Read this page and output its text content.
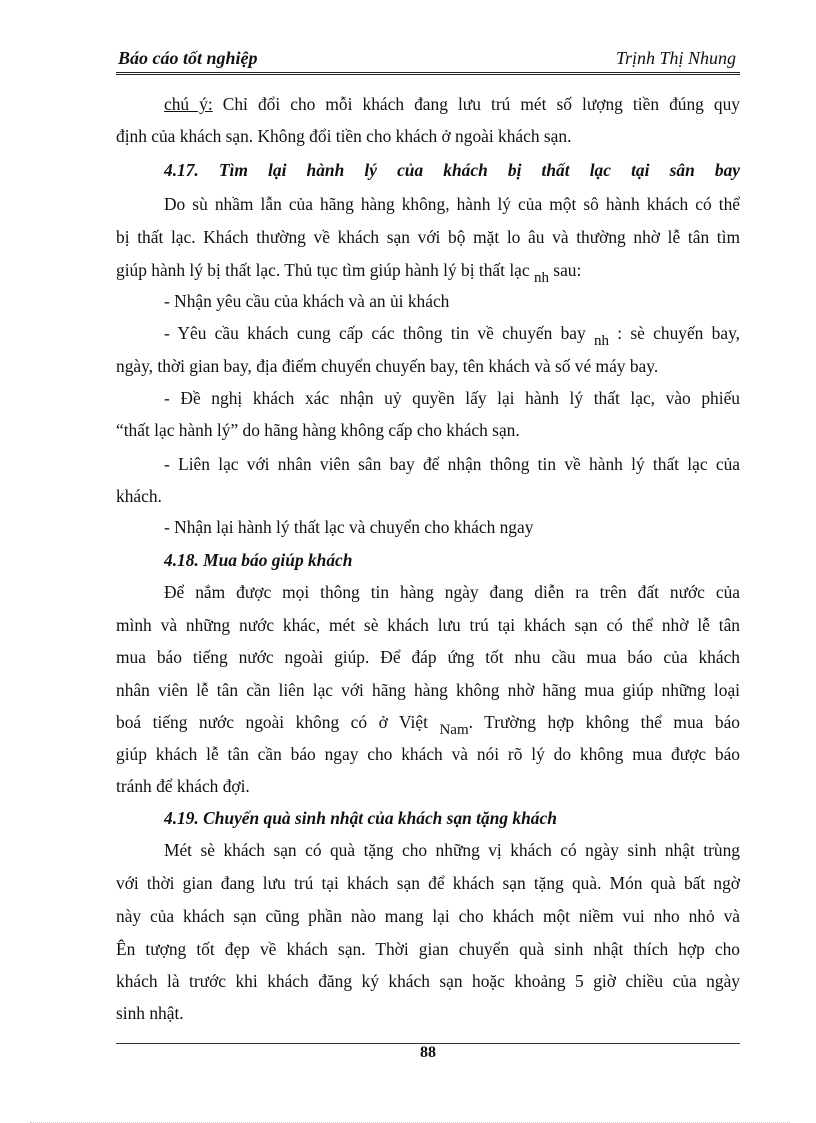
Báo cáo tốt nghiệp	Trịnh Thị Nhung
chú ý: Chỉ đổi cho mỗi khách đang lưu trú mét số lượng tiền đúng quy
định của khách sạn. Không đổi tiền cho khách ở ngoài khách sạn.
4.17. Tìm lại hành lý của khách bị thất lạc tại sân bay
Do sù nhầm lẫn của hãng hàng không, hành lý của một sô hành khách có thể
bị thất lạc. Khách thường về khách sạn với bộ mặt lo âu và thường nhờ lễ tân tìm
giúp hành lý bị thất lạc. Thủ tục tìm giúp hành lý bị thất lạc nh sau:
- Nhận yêu cầu của khách và an ủi khách
- Yêu cầu khách cung cấp các thông tin về chuyến bay nh : sè chuyến bay,
ngày, thời gian bay, địa điểm chuyển chuyến bay, tên khách và số vé máy bay.
- Đề nghị khách xác nhận uỷ quyền lấy lại hành lý thất lạc, vào phiếu
“thất lạc hành lý” do hãng hàng không cấp cho khách sạn.
- Liên lạc với nhân viên sân bay để nhận thông tin về hành lý thất lạc của
khách.
- Nhận lại hành lý thất lạc và chuyển cho khách ngay
4.18. Mua báo giúp khách
Để nắm được mọi thông tin hàng ngày đang diễn ra trên đất nước của
mình và những nước khác, mét sè khách lưu trú tại khách sạn có thể nhờ lễ tân
mua báo tiếng nước ngoài giúp. Để đáp ứng tốt nhu cầu mua báo của khách
nhân viên lễ tân cần liên lạc với hãng hàng không nhờ hãng mua giúp những loại
boá tiếng nước ngoài không có ở Việt Nam. Trường hợp không thể mua báo
giúp khách lễ tân cần báo ngay cho khách và nói rõ lý do không mua được báo
tránh để khách đợi.
4.19. Chuyển quà sinh nhật của khách sạn tặng khách
Mét sè khách sạn có quà tặng cho những vị khách có ngày sinh nhật trùng
với thời gian đang lưu trú tại khách sạn để khách sạn tặng quà. Món quà bất ngờ
này của khách sạn cũng phần nào mang lại cho khách một niềm vui nho nhỏ và
Ên tượng tốt đẹp về khách sạn. Thời gian chuyển quà sinh nhật thích hợp cho
khách là trước khi khách đăng ký khách sạn hoặc khoảng 5 giờ chiều của ngày
sinh nhật.
88
